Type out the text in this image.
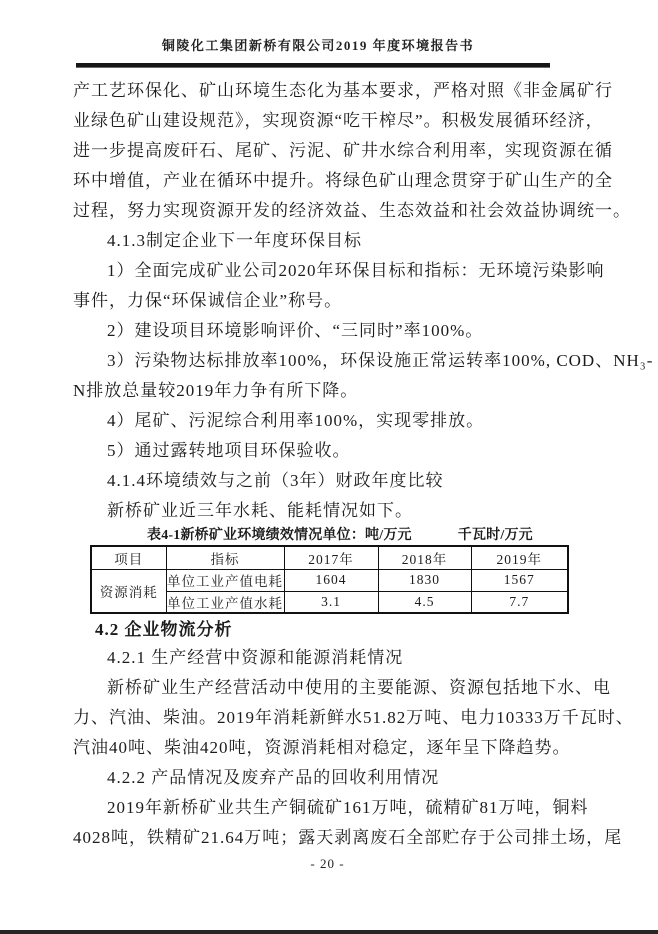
铜陵化工集团新桥有限公司2019 年度环境报告书
产工艺环保化、矿山环境生态化为基本要求，严格对照《非金属矿行
业绿色矿山建设规范》，实现资源“吃干榨尽”。积极发展循环经济，
进一步提高废矸石、尾矿、污泥、矿井水综合利用率，实现资源在循
环中增值，产业在循环中提升。将绿色矿山理念贯穿于矿山生产的全
过程，努力实现资源开发的经济效益、生态效益和社会效益协调统一。
4.1.3制定企业下一年度环保目标
1）全面完成矿业公司2020年环保目标和指标：无环境污染影响
事件，力保“环保诚信企业”称号。
2）建设项目环境影响评价、“三同时”率100%。
3）污染物达标排放率100%，环保设施正常运转率100%, COD、NH₃-
N排放总量较2019年力争有所下降。
4）尾矿、污泥综合利用率100%，实现零排放。
5）通过露转地项目环保验收。
4.1.4环境绩效与之前（3年）财政年度比较
新桥矿业近三年水耗、能耗情况如下。
表4-1新桥矿业环境绩效情况单位：吨/万元	千瓦时/万元
项目	指标	2017年	2018年	2019年
资源消耗	单位工业产值电耗	1604	1830	1567
	单位工业产值水耗	3.1	4.5	7.7
4.2 企业物流分析
4.2.1 生产经营中资源和能源消耗情况
新桥矿业生产经营活动中使用的主要能源、资源包括地下水、电
力、汽油、柴油。2019年消耗新鲜水51.82万吨、电力10333万千瓦时、
汽油40吨、柴油420吨，资源消耗相对稳定，逐年呈下降趋势。
4.2.2 产品情况及废弃产品的回收利用情况
2019年新桥矿业共生产铜硫矿161万吨，硫精矿81万吨，铜料
4028吨，铁精矿21.64万吨；露天剥离废石全部贮存于公司排土场，尾
- 20 -
